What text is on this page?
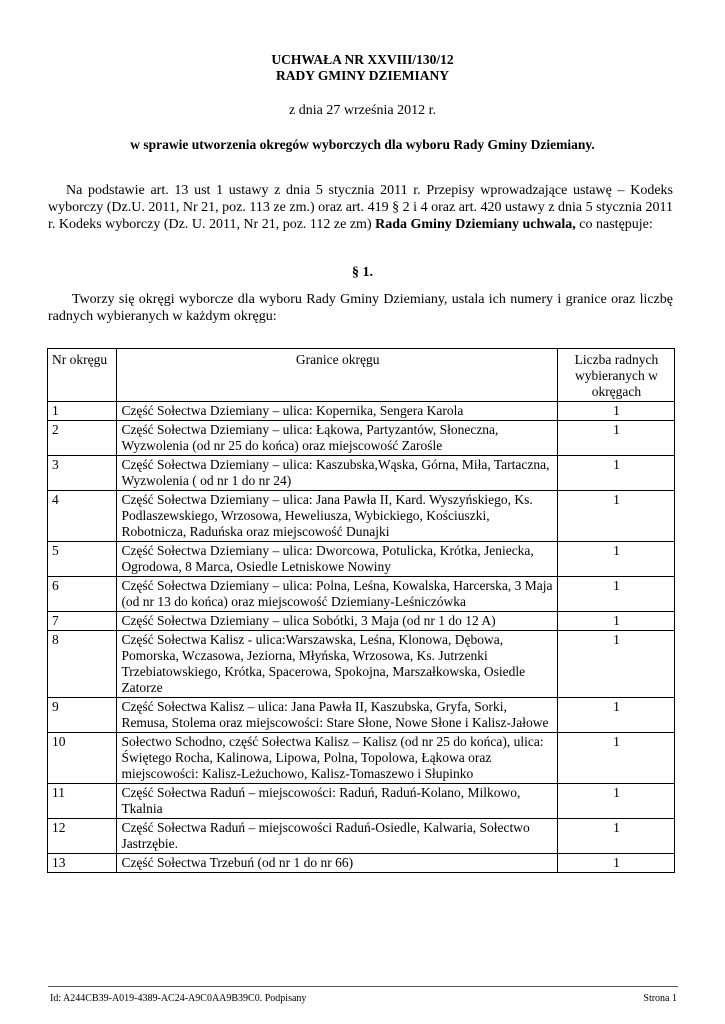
UCHWAŁA NR XXVIII/130/12
RADY GMINY DZIEMIANY
z dnia 27 września 2012 r.
w sprawie utworzenia okregów wyborczych dla wyboru Rady Gminy Dziemiany.
Na podstawie art. 13 ust 1 ustawy z dnia 5 stycznia 2011 r. Przepisy wprowadzające ustawę – Kodeks wyborczy (Dz.U. 2011, Nr 21, poz. 113 ze zm.) oraz art. 419 § 2 i 4 oraz art. 420 ustawy z dnia 5 stycznia 2011 r. Kodeks wyborczy (Dz. U. 2011, Nr 21, poz. 112 ze zm) Rada Gminy Dziemiany uchwala, co następuje:
§ 1.
Tworzy się okręgi wyborcze dla wyboru Rady Gminy Dziemiany, ustala ich numery i granice oraz liczbę radnych wybieranych w każdym okręgu:
Nr okręgu	Granice okręgu	Liczba radnych wybieranych w okręgach
1	Część Sołectwa Dziemiany – ulica: Kopernika, Sengera Karola	1
2	Część Sołectwa Dziemiany – ulica: Łąkowa, Partyzantów, Słoneczna, Wyzwolenia (od nr 25 do końca) oraz miejscowość Zarośle	1
3	Część Sołectwa Dziemiany – ulica: Kaszubska,Wąska, Górna, Miła, Tartaczna, Wyzwolenia ( od nr 1 do nr 24)	1
4	Część Sołectwa Dziemiany – ulica: Jana Pawła II, Kard. Wyszyńskiego, Ks. Podlaszewskiego, Wrzosowa, Heweliusza, Wybickiego, Kościuszki, Robotnicza, Raduńska oraz miejscowość Dunajki	1
5	Część Sołectwa Dziemiany – ulica: Dworcowa, Potulicka, Krótka, Jeniecka, Ogrodowa, 8 Marca, Osiedle Letniskowe Nowiny	1
6	Część Sołectwa Dziemiany – ulica: Polna, Leśna, Kowalska, Harcerska, 3 Maja (od nr 13 do końca) oraz miejscowość Dziemiany-Leśniczówka	1
7	Część Sołectwa Dziemiany – ulica Sobótki, 3 Maja (od nr 1 do 12 A)	1
8	Część Sołectwa Kalisz - ulica:Warszawska, Leśna, Klonowa, Dębowa, Pomorska, Wczasowa, Jeziorna, Młyńska, Wrzosowa, Ks. Jutrzenki Trzebiatowskiego, Krótka, Spacerowa, Spokojna, Marszałkowska, Osiedle Zatorze	1
9	Część Sołectwa Kalisz – ulica: Jana Pawła II, Kaszubska, Gryfa, Sorki, Remusa, Stolema oraz miejscowości: Stare Słone, Nowe Słone i Kalisz-Jałowe	1
10	Sołectwo Schodno, część Sołectwa Kalisz – Kalisz (od nr 25 do końca), ulica: Świętego Rocha, Kalinowa, Lipowa, Polna, Topolowa, Łąkowa oraz miejscowości: Kalisz-Leżuchowo, Kalisz-Tomaszewo i Słupinko	1
11	Część Sołectwa Raduń – miejscowości: Raduń, Raduń-Kolano, Milkowo, Tkalnia	1
12	Część Sołectwa Raduń – miejscowości Raduń-Osiedle, Kalwaria, Sołectwo Jastrzębie.	1
13	Część Sołectwa Trzebuń (od nr 1 do nr 66)	1
Id: A244CB39-A019-4389-AC24-A9C0AA9B39C0. Podpisany	Strona 1
